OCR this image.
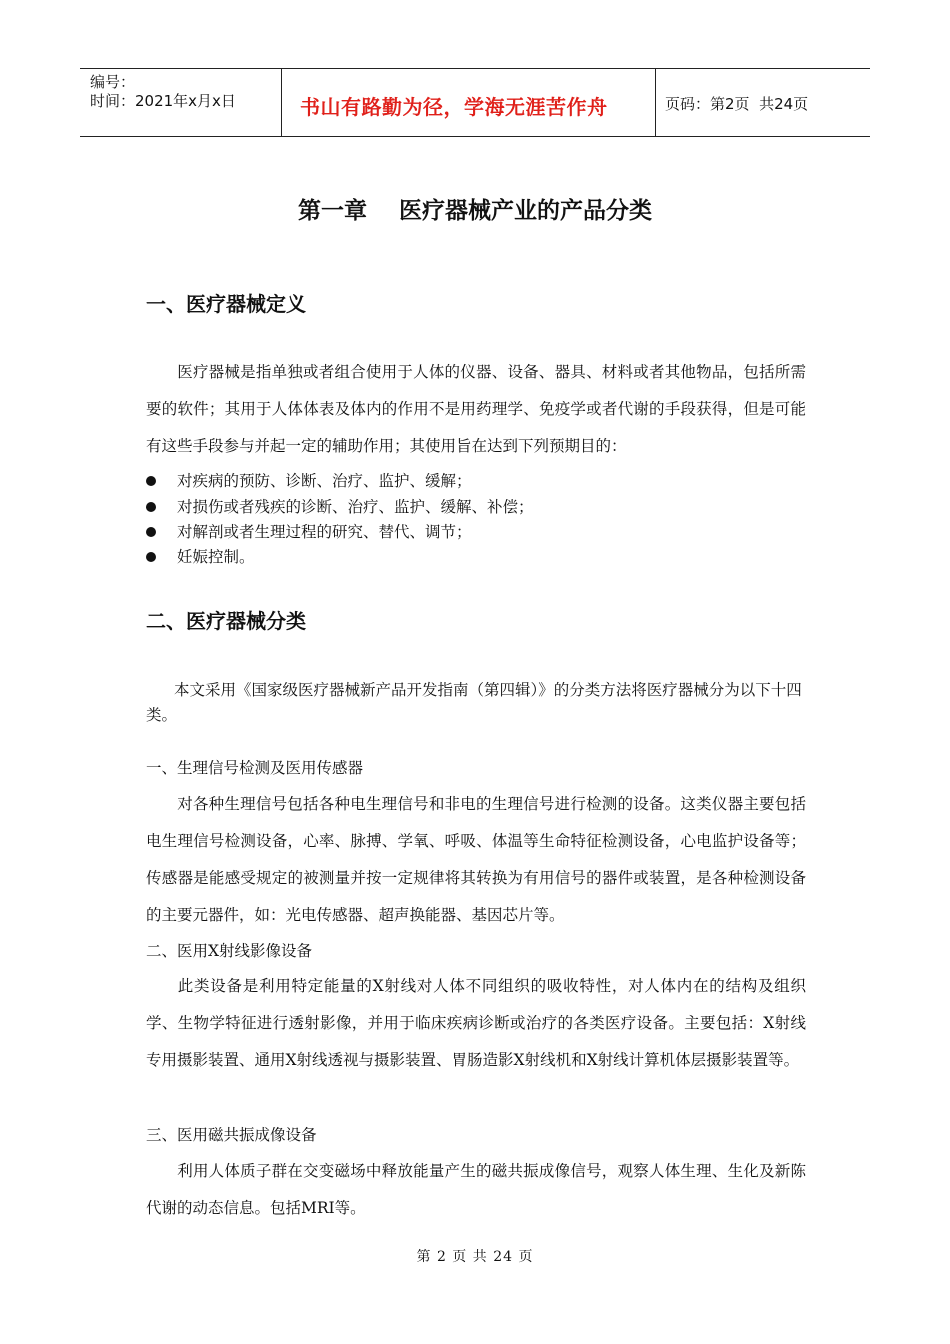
编号：
时间：2021年x月x日	书山有路勤为径，学海无涯苦作舟	页码：第2页  共24页
第一章    医疗器械产业的产品分类
一、医疗器械定义
医疗器械是指单独或者组合使用于人体的仪器、设备、器具、材料或者其他物品，包括所需要的软件；其用于人体体表及体内的作用不是用药理学、免疫学或者代谢的手段获得，但是可能有这些手段参与并起一定的辅助作用；其使用旨在达到下列预期目的：
对疾病的预防、诊断、治疗、监护、缓解；
对损伤或者残疾的诊断、治疗、监护、缓解、补偿；
对解剖或者生理过程的研究、替代、调节；
妊娠控制。
二、医疗器械分类
本文采用《国家级医疗器械新产品开发指南（第四辑）》的分类方法将医疗器械分为以下十四类。
一、生理信号检测及医用传感器
对各种生理信号包括各种电生理信号和非电的生理信号进行检测的设备。这类仪器主要包括电生理信号检测设备，心率、脉搏、学氧、呼吸、体温等生命特征检测设备，心电监护设备等；传感器是能感受规定的被测量并按一定规律将其转换为有用信号的器件或装置，是各种检测设备的主要元器件，如：光电传感器、超声换能器、基因芯片等。
二、医用X射线影像设备
此类设备是利用特定能量的X射线对人体不同组织的吸收特性，对人体内在的结构及组织学、生物学特征进行透射影像，并用于临床疾病诊断或治疗的各类医疗设备。主要包括：X射线专用摄影装置、通用X射线透视与摄影装置、胃肠造影X射线机和X射线计算机体层摄影装置等。
三、医用磁共振成像设备
利用人体质子群在交变磁场中释放能量产生的磁共振成像信号，观察人体生理、生化及新陈代谢的动态信息。包括MRI等。
第 2 页 共 24 页
